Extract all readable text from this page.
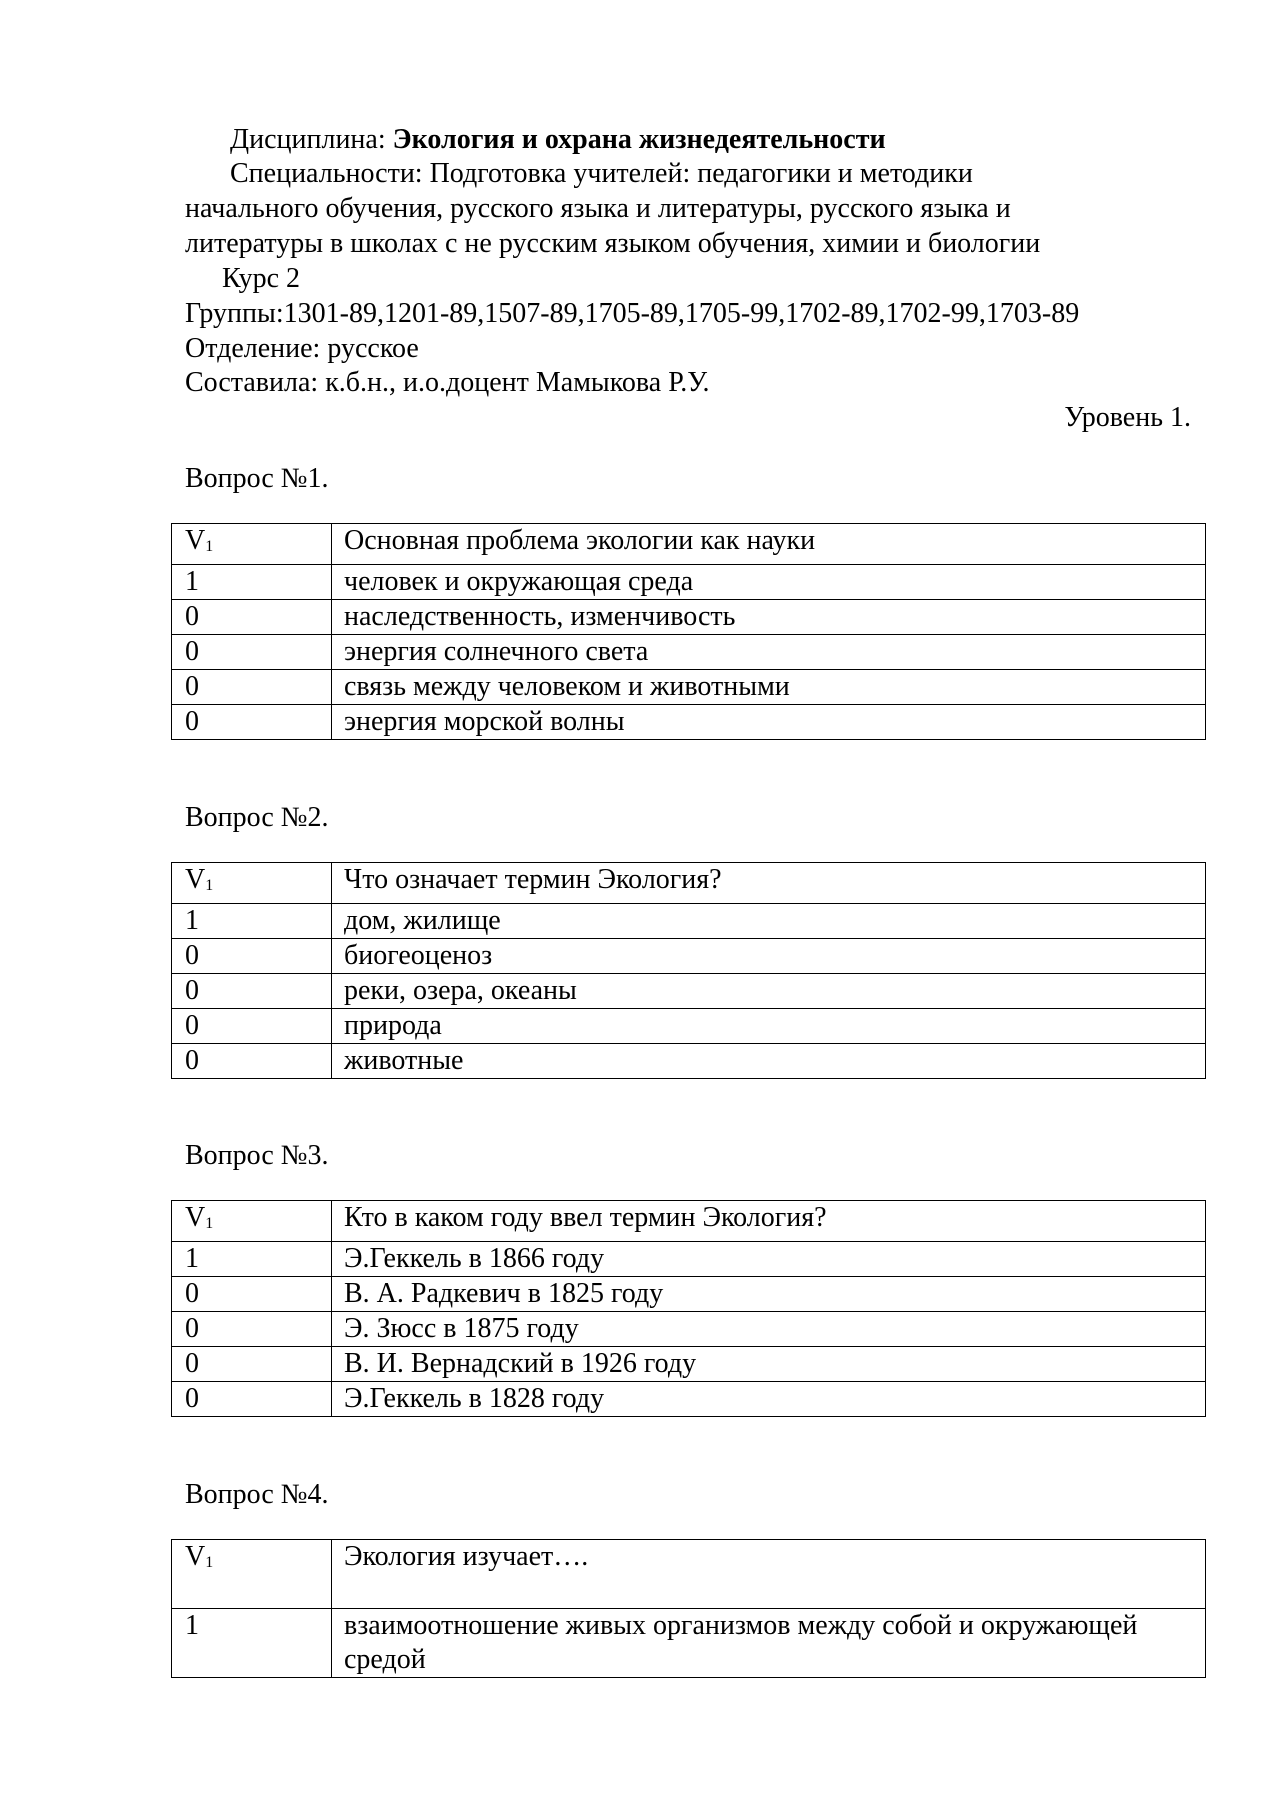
Дисциплина: Экология и охрана жизнедеятельности
Специальности: Подготовка учителей: педагогики и методики
начального обучения, русского языка и литературы, русского языка и
литературы в школах с не русским языком обучения, химии и биологии
Курс 2
Группы:1301-89,1201-89,1507-89,1705-89,1705-99,1702-89,1702-99,1703-89
Отделение: русское
Составила: к.б.н., и.о.доцент Мамыкова Р.У.
Уровень 1.
Вопрос №1.
$V_1$	Основная проблема экологии как науки
1	человек и окружающая среда
0	наследственность, изменчивость
0	энергия солнечного света
0	связь между человеком и животными
0	энергия морской волны
Вопрос №2.
$V_1$	Что означает термин Экология?
1	дом, жилище
0	биогеоценоз
0	реки, озера, океаны
0	природа
0	животные
Вопрос №3.
$V_1$	Кто в каком году ввел термин Экология?
1	Э.Геккель в 1866 году
0	В. А. Радкевич в 1825 году
0	Э. Зюсс в 1875 году
0	В. И. Вернадский в 1926 году
0	Э.Геккель в 1828 году
Вопрос №4.
$V_1$	Экология изучает….
1	взаимоотношение живых организмов между собой и окружающей средой
